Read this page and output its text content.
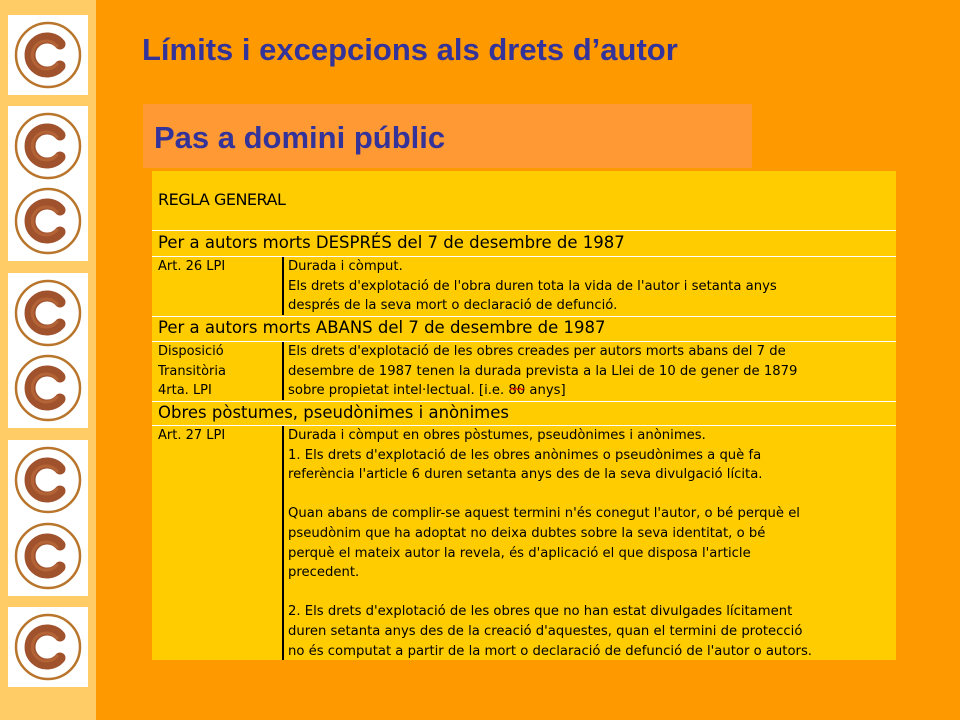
Límits i excepcions als drets d’autor
Pas a domini públic
REGLA GENERAL
Per a autors morts DESPRÉS del 7 de desembre de 1987
Art. 26 LPI	Durada i còmput.
Els drets d'explotació de l'obra duren tota la vida de l'autor i setanta anys
després de la seva mort o declaració de defunció.
Per a autors morts ABANS del 7 de desembre de 1987
Disposició
Transitòria
4rta. LPI
Els drets d'explotació de les obres creades per autors morts abans del 7 de
desembre de 1987 tenen la durada prevista a la Llei de 10 de gener de 1879
sobre propietat intel·lectual. [i.e. 80 anys]
Obres pòstumes, pseudònimes i anònimes
Art. 27 LPI	Durada i còmput en obres pòstumes, pseudònimes i anònimes.
1. Els drets d'explotació de les obres anònimes o pseudònimes a què fa
referència l'article 6 duren setanta anys des de la seva divulgació lícita.

Quan abans de complir-se aquest termini n'és conegut l'autor, o bé perquè el
pseudònim que ha adoptat no deixa dubtes sobre la seva identitat, o bé
perquè el mateix autor la revela, és d'aplicació el que disposa l'article
precedent.

2. Els drets d'explotació de les obres que no han estat divulgades lícitament
duren setanta anys des de la creació d'aquestes, quan el termini de protecció
no és computat a partir de la mort o declaració de defunció de l'autor o autors.
